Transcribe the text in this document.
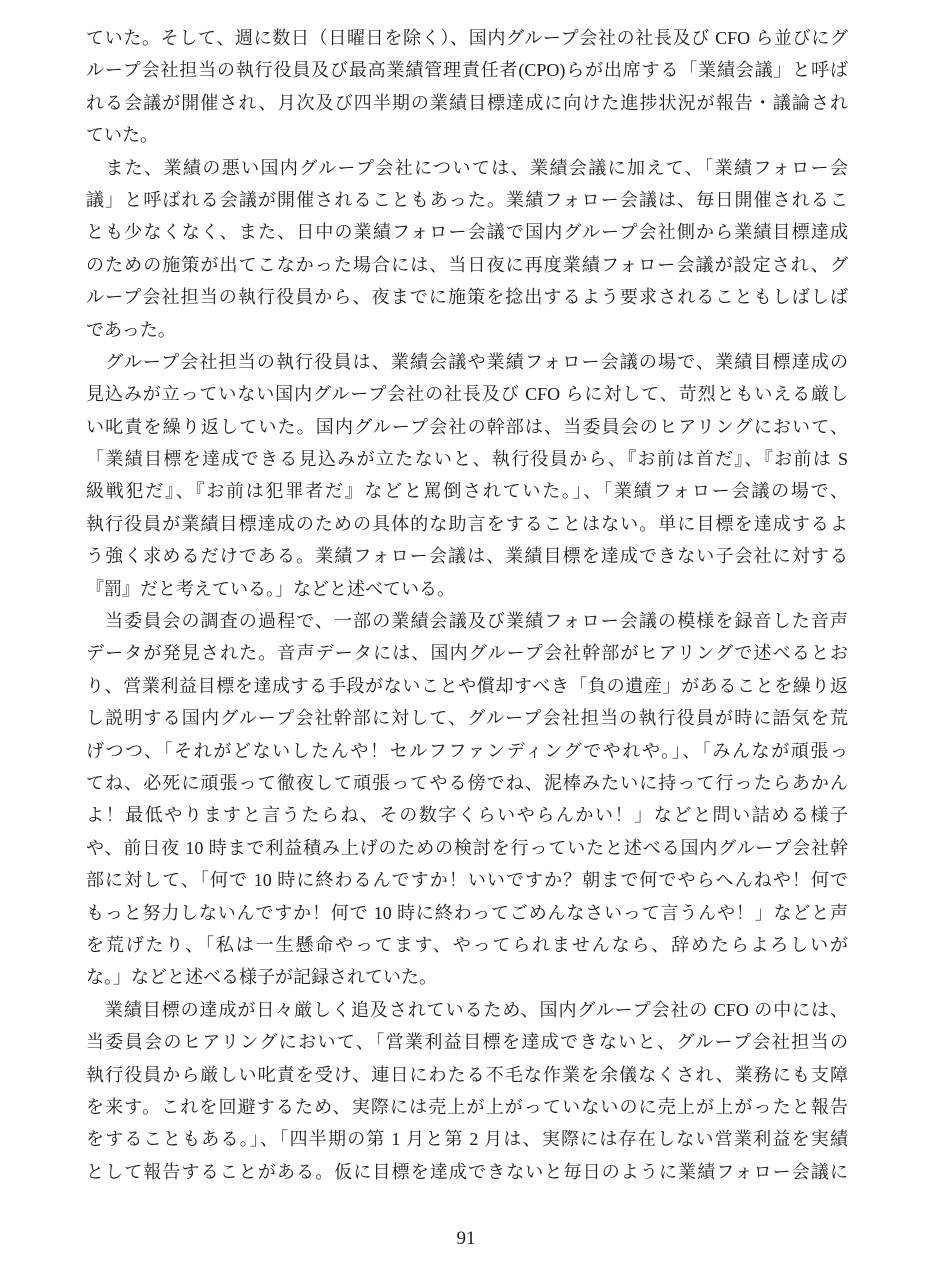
ていた。そして、週に数日（日曜日を除く）、国内グループ会社の社長及び CFO ら並びにグ
ループ会社担当の執行役員及び最高業績管理責任者(CPO)らが出席する「業績会議」と呼ば
れる会議が開催され、月次及び四半期の業績目標達成に向けた進捗状況が報告・議論され
ていた。
　また、業績の悪い国内グループ会社については、業績会議に加えて、「業績フォロー会
議」と呼ばれる会議が開催されることもあった。業績フォロー会議は、毎日開催されるこ
とも少なくなく、また、日中の業績フォロー会議で国内グループ会社側から業績目標達成
のための施策が出てこなかった場合には、当日夜に再度業績フォロー会議が設定され、グ
ループ会社担当の執行役員から、夜までに施策を捻出するよう要求されることもしばしば
であった。
　グループ会社担当の執行役員は、業績会議や業績フォロー会議の場で、業績目標達成の
見込みが立っていない国内グループ会社の社長及び CFO らに対して、苛烈ともいえる厳し
い叱責を繰り返していた。国内グループ会社の幹部は、当委員会のヒアリングにおいて、
「業績目標を達成できる見込みが立たないと、執行役員から、『お前は首だ』、『お前は S
級戦犯だ』、『お前は犯罪者だ』などと罵倒されていた。」、「業績フォロー会議の場で、
執行役員が業績目標達成のための具体的な助言をすることはない。単に目標を達成するよ
う強く求めるだけである。業績フォロー会議は、業績目標を達成できない子会社に対する
『罰』だと考えている。」などと述べている。
　当委員会の調査の過程で、一部の業績会議及び業績フォロー会議の模様を録音した音声
データが発見された。音声データには、国内グループ会社幹部がヒアリングで述べるとお
り、営業利益目標を達成する手段がないことや償却すべき「負の遺産」があることを繰り返
し説明する国内グループ会社幹部に対して、グループ会社担当の執行役員が時に語気を荒
げつつ、「それがどないしたんや！セルフファンディングでやれや。」、「みんなが頑張っ
てね、必死に頑張って徹夜して頑張ってやる傍でね、泥棒みたいに持って行ったらあかん
よ！最低やりますと言うたらね、その数字くらいやらんかい！」などと問い詰める様子
や、前日夜 10 時まで利益積み上げのための検討を行っていたと述べる国内グループ会社幹
部に対して、「何で 10 時に終わるんですか！いいですか？朝まで何でやらへんねや！何で
もっと努力しないんですか！何で 10 時に終わってごめんなさいって言うんや！」などと声
を荒げたり、「私は一生懸命やってます、やってられませんなら、辞めたらよろしいが
な。」などと述べる様子が記録されていた。
　業績目標の達成が日々厳しく追及されているため、国内グループ会社の CFO の中には、
当委員会のヒアリングにおいて、「営業利益目標を達成できないと、グループ会社担当の
執行役員から厳しい叱責を受け、連日にわたる不毛な作業を余儀なくされ、業務にも支障
を来す。これを回避するため、実際には売上が上がっていないのに売上が上がったと報告
をすることもある。」、「四半期の第 1 月と第 2 月は、実際には存在しない営業利益を実績
として報告することがある。仮に目標を達成できないと毎日のように業績フォロー会議に
91
